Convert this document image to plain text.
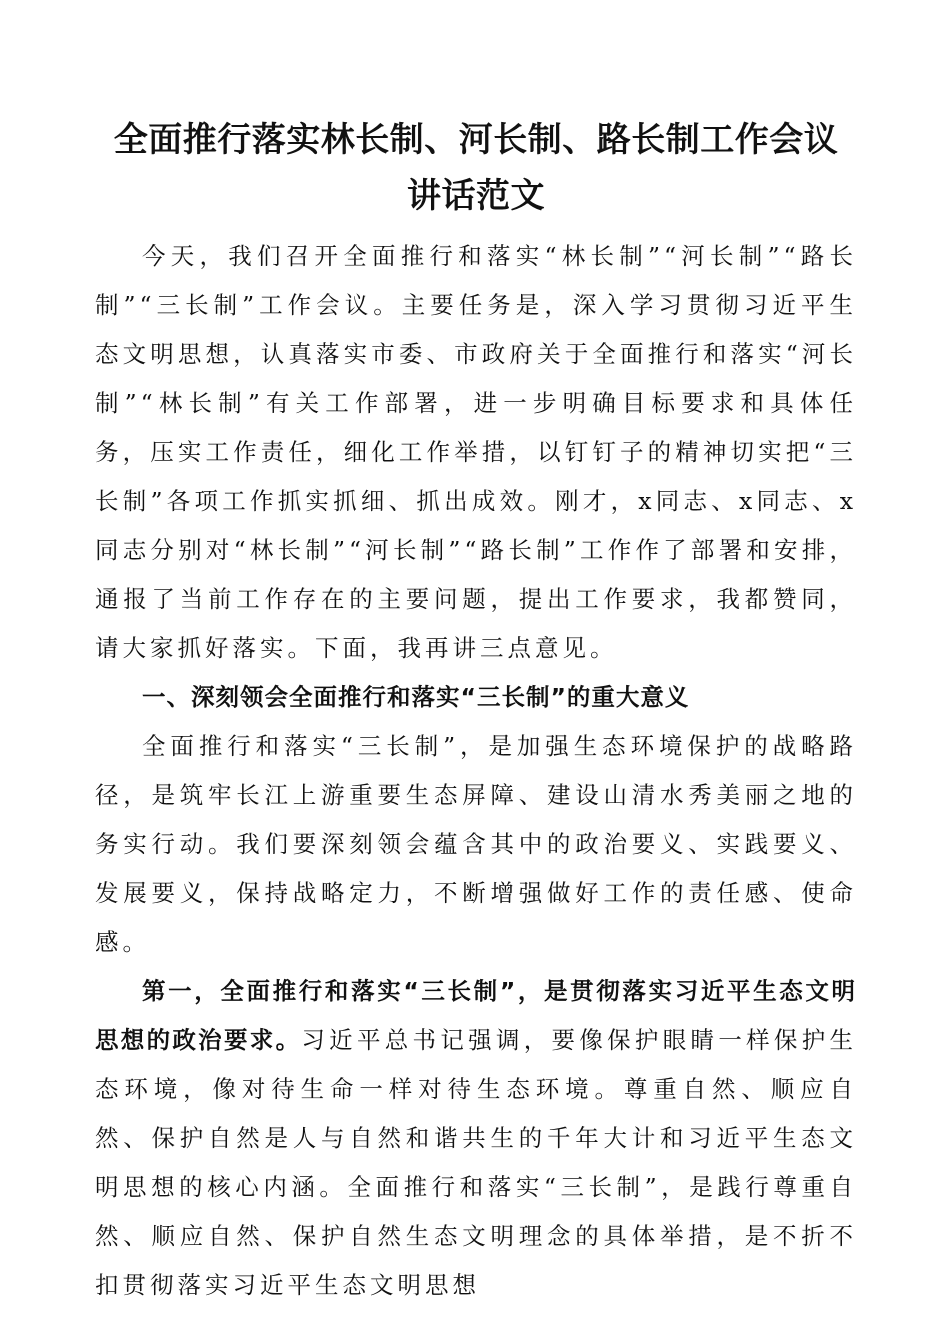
全面推行落实林长制、河长制、路长制工作会议
讲话范文

今天，我们召开全面推行和落实“林长制”“河长制”“路长制”“三长制”工作会议。主要任务是，深入学习贯彻习近平生态文明思想，认真落实市委、市政府关于全面推行和落实“河长制”“林长制”有关工作部署，进一步明确目标要求和具体任务，压实工作责任，细化工作举措，以钉钉子的精神切实把“三长制”各项工作抓实抓细、抓出成效。刚才，x同志、x同志、x同志分别对“林长制”“河长制”“路长制”工作作了部署和安排，通报了当前工作存在的主要问题，提出工作要求，我都赞同，请大家抓好落实。下面，我再讲三点意见。

一、深刻领会全面推行和落实“三长制”的重大意义

全面推行和落实“三长制”，是加强生态环境保护的战略路径，是筑牢长江上游重要生态屏障、建设山清水秀美丽之地的务实行动。我们要深刻领会蕴含其中的政治要义、实践要义、发展要义，保持战略定力，不断增强做好工作的责任感、使命感。

第一，全面推行和落实“三长制”，是贯彻落实习近平生态文明思想的政治要求。习近平总书记强调，要像保护眼睛一样保护生态环境，像对待生命一样对待生态环境。尊重自然、顺应自然、保护自然是人与自然和谐共生的千年大计和习近平生态文明思想的核心内涵。全面推行和落实“三长制”，是践行尊重自然、顺应自然、保护自然生态文明理念的具体举措，是不折不扣贯彻落实习近平生态文明思想
